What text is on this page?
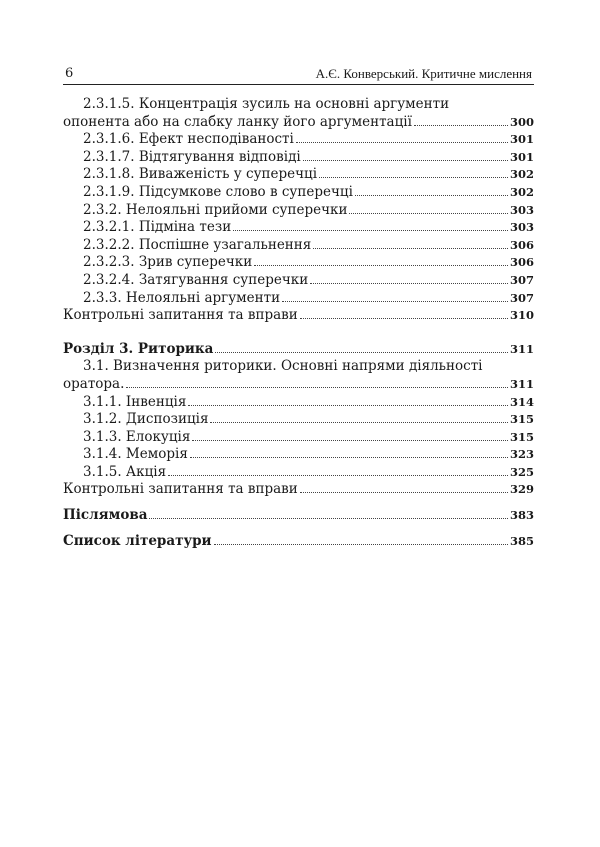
6	А.Є. Конверський. Критичне мислення
2.3.1.5. Концентрація зусиль на основні аргументи
опонента або на слабку ланку його аргументації	300
2.3.1.6. Ефект несподіваності	301
2.3.1.7. Відтягування відповіді	301
2.3.1.8. Виваженість у суперечці	302
2.3.1.9. Підсумкове слово в суперечці	302
2.3.2. Нелояльні прийоми суперечки	303
2.3.2.1. Підміна тези	303
2.3.2.2. Поспішне узагальнення	306
2.3.2.3. Зрив суперечки	306
2.3.2.4. Затягування суперечки	307
2.3.3. Нелояльні аргументи	307
Контрольні запитання та вправи	310
Розділ 3. Риторика	311
3.1. Визначення риторики. Основні напрями діяльності
оратора.	311
3.1.1. Інвенція	314
3.1.2. Диспозиція	315
3.1.3. Елокуція	315
3.1.4. Меморія	323
3.1.5. Акція	325
Контрольні запитання та вправи	329
Післямова	383
Список літератури	385
